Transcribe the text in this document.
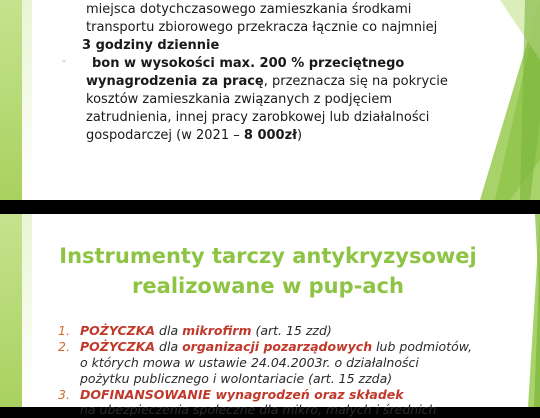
miejsca dotychczasowego zamieszkania środkami
transportu zbiorowego przekracza łącznie co najmniej
3 godziny dziennie
- bon w wysokości max. 200 % przeciętnego
wynagrodzenia za pracę, przeznacza się na pokrycie
kosztów zamieszkania związanych z podjęciem
zatrudnienia, innej pracy zarobkowej lub działalności
gospodarczej (w 2021 – 8 000zł)
Instrumenty tarczy antykryzysowej
realizowane w pup-ach
1. POŻYCZKA dla mikrofirm (art. 15 zzd)
2. POŻYCZKA dla organizacji pozarządowych lub podmiotów,
o których mowa w ustawie 24.04.2003r. o działalności
pożytku publicznego i wolontariacie (art. 15 zzda)
3. DOFINANSOWANIE wynagrodzeń oraz składek
na ubezpieczenia społeczne dla mikro, małych i średnich
